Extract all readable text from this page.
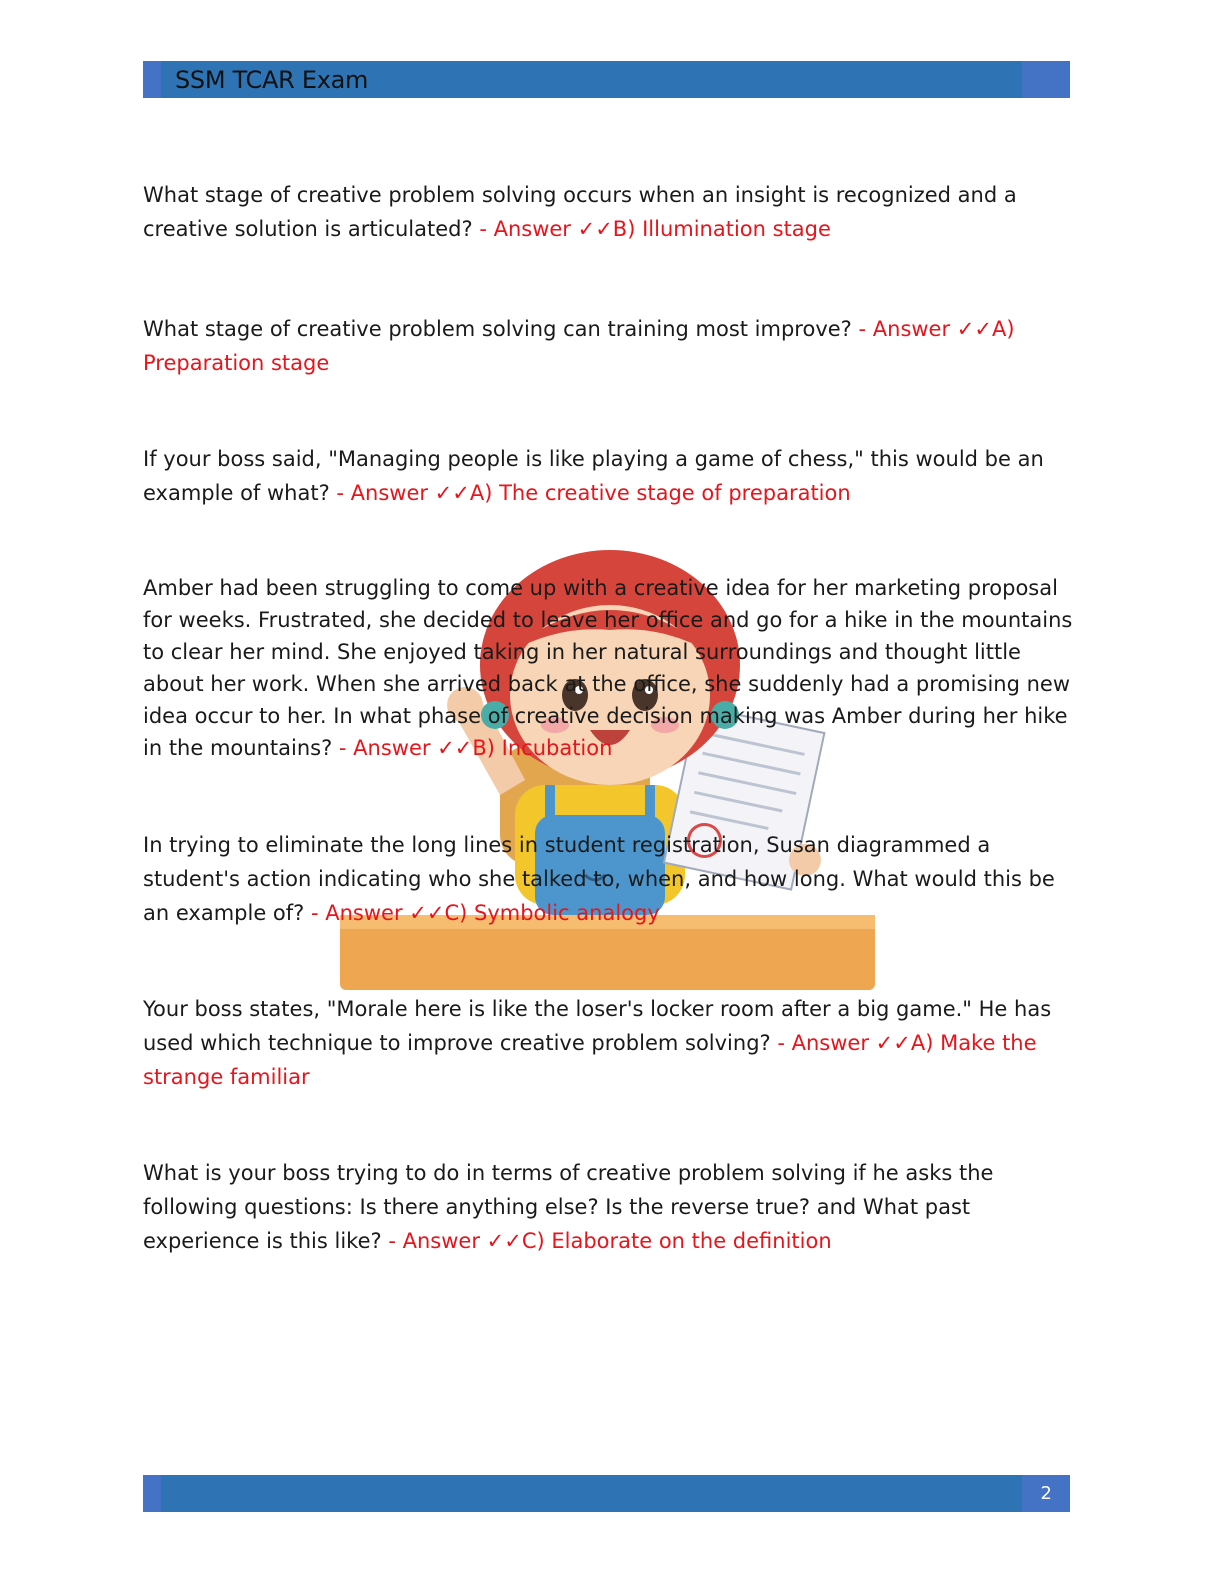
SSM TCAR Exam

What stage of creative problem solving occurs when an insight is recognized and a creative solution is articulated? - Answer ✓✓B) Illumination stage

What stage of creative problem solving can training most improve? - Answer ✓✓A) Preparation stage

If your boss said, "Managing people is like playing a game of chess," this would be an example of what? - Answer ✓✓A) The creative stage of preparation

Amber had been struggling to come up with a creative idea for her marketing proposal for weeks. Frustrated, she decided to leave her office and go for a hike in the mountains to clear her mind. She enjoyed taking in her natural surroundings and thought little about her work. When she arrived back at the office, she suddenly had a promising new idea occur to her. In what phase of creative decision making was Amber during her hike in the mountains? - Answer ✓✓B) Incubation

In trying to eliminate the long lines in student registration, Susan diagrammed a student's action indicating who she talked to, when, and how long. What would this be an example of? - Answer ✓✓C) Symbolic analogy

Your boss states, "Morale here is like the loser's locker room after a big game." He has used which technique to improve creative problem solving? - Answer ✓✓A) Make the strange familiar

What is your boss trying to do in terms of creative problem solving if he asks the following questions: Is there anything else? Is the reverse true? and What past experience is this like? - Answer ✓✓C) Elaborate on the definition

2
